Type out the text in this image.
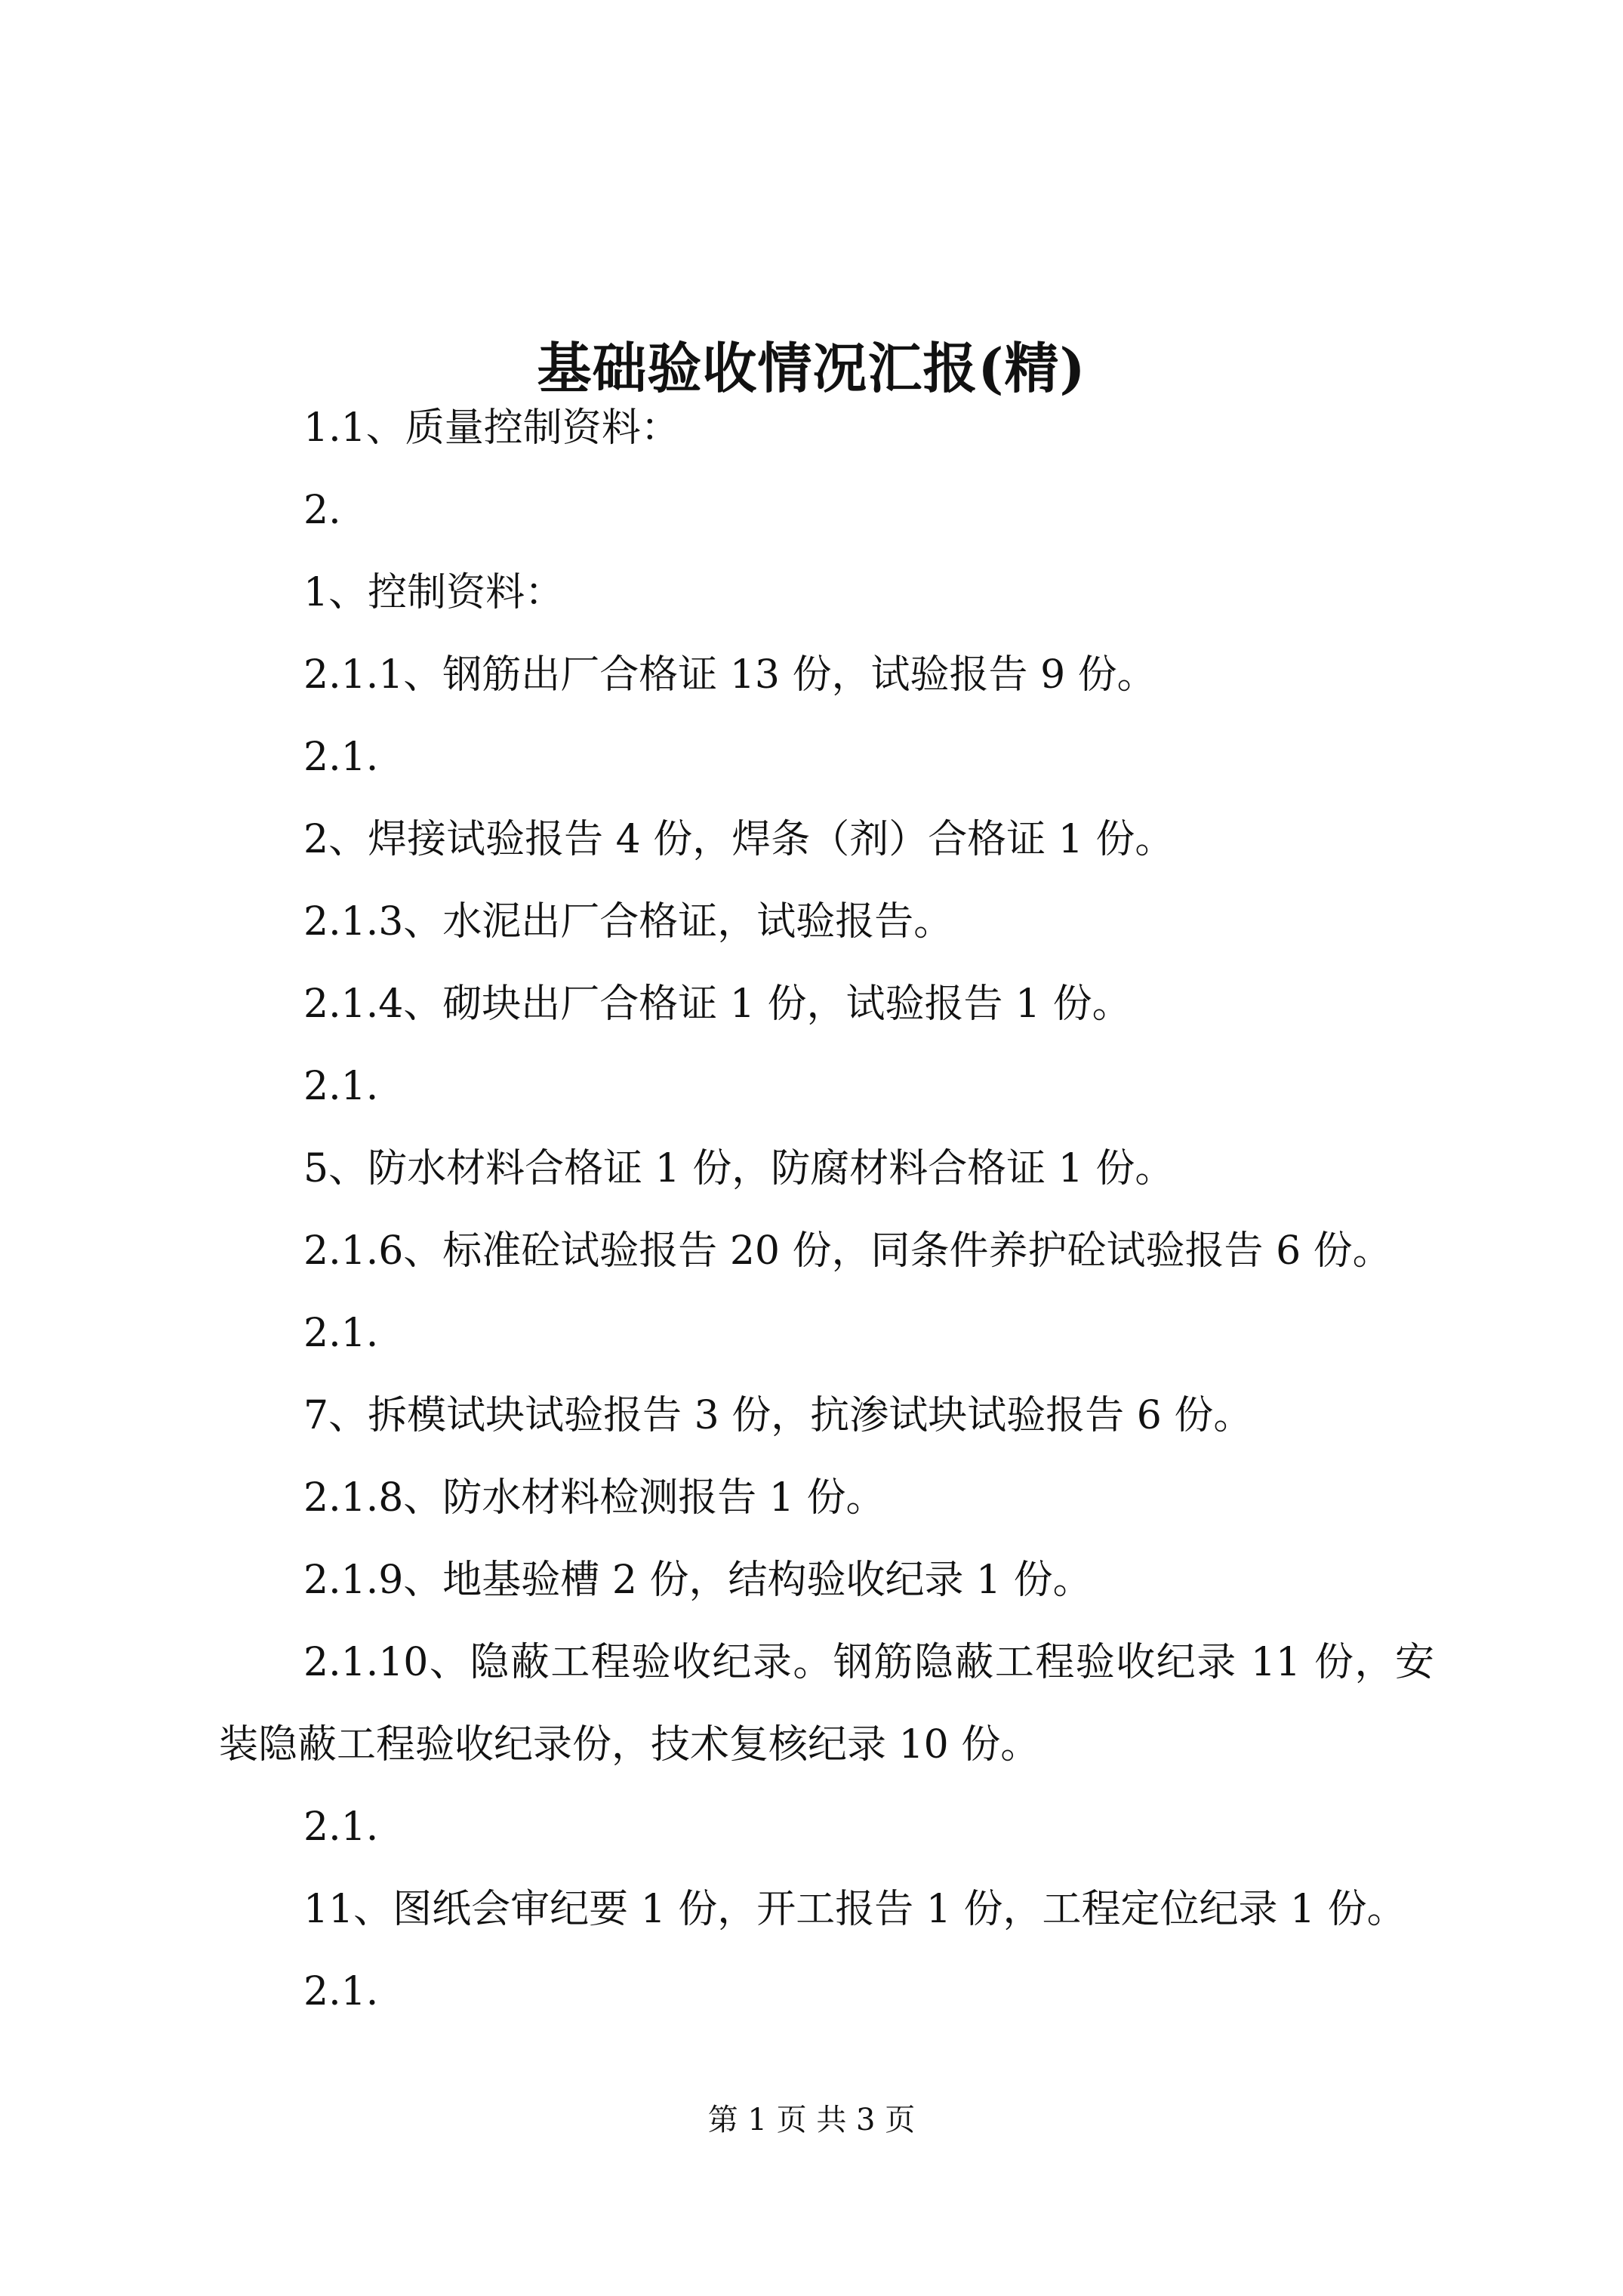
基础验收情况汇报(精)

1.1、质量控制资料：

2.

1、控制资料：

2.1.1、钢筋出厂合格证 13 份，试验报告 9 份。

2.1.

2、焊接试验报告 4 份，焊条（剂）合格证 1 份。

2.1.3、水泥出厂合格证，试验报告。

2.1.4、砌块出厂合格证 1 份，试验报告 1 份。

2.1.

5、防水材料合格证 1 份，防腐材料合格证 1 份。

2.1.6、标准砼试验报告 20 份，同条件养护砼试验报告 6 份。

2.1.

7、拆模试块试验报告 3 份，抗渗试块试验报告 6 份。

2.1.8、防水材料检测报告 1 份。

2.1.9、地基验槽 2 份，结构验收纪录 1 份。

2.1.10、隐蔽工程验收纪录。钢筋隐蔽工程验收纪录 11 份，安装隐蔽工程验收纪录份，技术复核纪录 10 份。

2.1.

11、图纸会审纪要 1 份，开工报告 1 份，工程定位纪录 1 份。

2.1.

第 1 页 共 3 页
